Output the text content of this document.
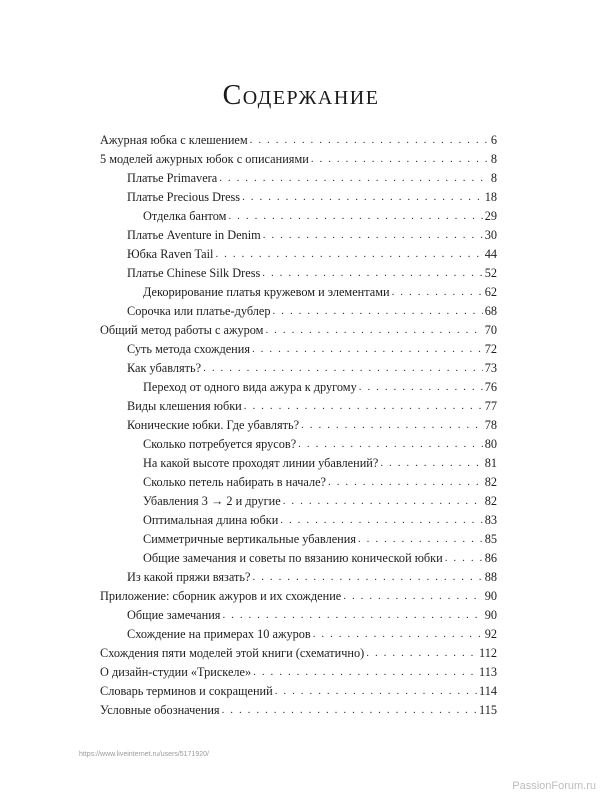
Содержание
Ажурная юбка с клешением . . .	6
5 моделей ажурных юбок с описаниями . . .	8
Платье Primavera . . .	8
Платье Precious Dress . . .	18
Отделка бантом . . .	29
Платье Aventure in Denim . . .	30
Юбка Raven Tail . . .	44
Платье Chinese Silk Dress . . .	52
Декорирование платья кружевом и элементами . . .	62
Сорочка или платье-дублер . . .	68
Общий метод работы с ажуром . . .	70
Суть метода схождения . . .	72
Как убавлять? . . .	73
Переход от одного вида ажура к другому . . .	76
Виды клешения юбки . . .	77
Конические юбки. Где убавлять? . . .	78
Сколько потребуется ярусов? . . .	80
На какой высоте проходят линии убавлений? . . .	81
Сколько петель набирать в начале? . . .	82
Убавления 3 → 2 и другие . . .	82
Оптимальная длина юбки . . .	83
Симметричные вертикальные убавления . . .	85
Общие замечания и советы по вязанию конической юбки . . .	86
Из какой пряжи вязать? . . .	88
Приложение: сборник ажуров и их схождение . . .	90
Общие замечания . . .	90
Схождение на примерах 10 ажуров . . .	92
Схождения пяти моделей этой книги (схематично) . . .	112
О дизайн-студии «Трискеле» . . .	113
Словарь терминов и сокращений . . .	114
Условные обозначения . . .	115
https://www.liveinternet.ru/users/5171920/
PassionForum.ru
